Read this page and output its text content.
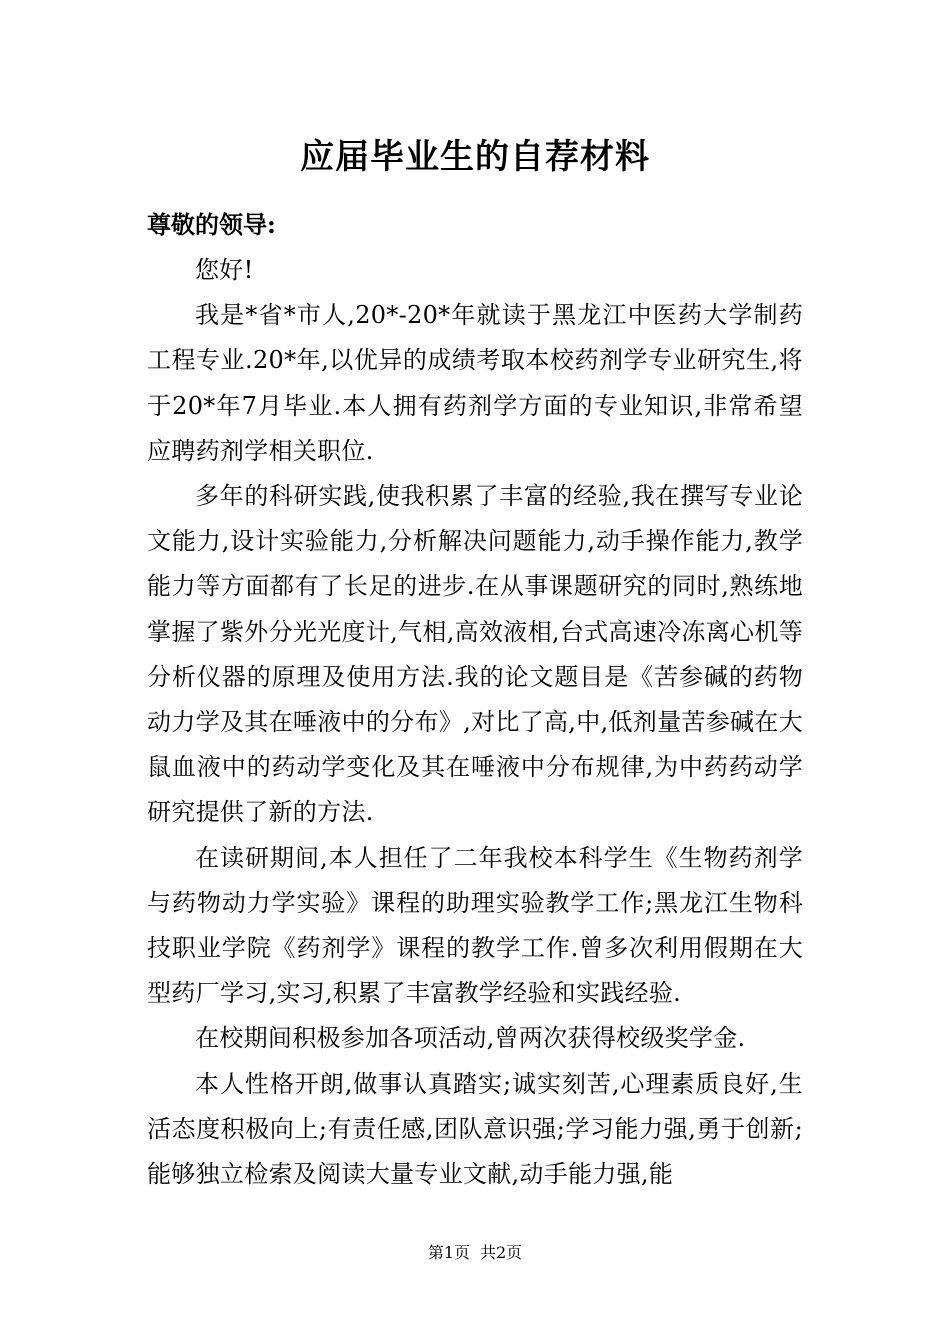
应届毕业生的自荐材料
尊敬的领导:

您好!

我是*省*市人,20*-20*年就读于黑龙江中医药大学制药工程专业.20*年,以优异的成绩考取本校药剂学专业研究生,将于20*年7月毕业.本人拥有药剂学方面的专业知识,非常希望应聘药剂学相关职位.

多年的科研实践,使我积累了丰富的经验,我在撰写专业论文能力,设计实验能力,分析解决问题能力,动手操作能力,教学能力等方面都有了长足的进步.在从事课题研究的同时,熟练地掌握了紫外分光光度计,气相,高效液相,台式高速冷冻离心机等分析仪器的原理及使用方法.我的论文题目是《苦参碱的药物动力学及其在唾液中的分布》,对比了高,中,低剂量苦参碱在大鼠血液中的药动学变化及其在唾液中分布规律,为中药药动学研究提供了新的方法.

在读研期间,本人担任了二年我校本科学生《生物药剂学与药物动力学实验》课程的助理实验教学工作;黑龙江生物科技职业学院《药剂学》课程的教学工作.曾多次利用假期在大型药厂学习,实习,积累了丰富教学经验和实践经验.

在校期间积极参加各项活动,曾两次获得校级奖学金.

本人性格开朗,做事认真踏实;诚实刻苦,心理素质良好,生活态度积极向上;有责任感,团队意识强;学习能力强,勇于创新;能够独立检索及阅读大量专业文献,动手能力强,能

第1页 共2页
